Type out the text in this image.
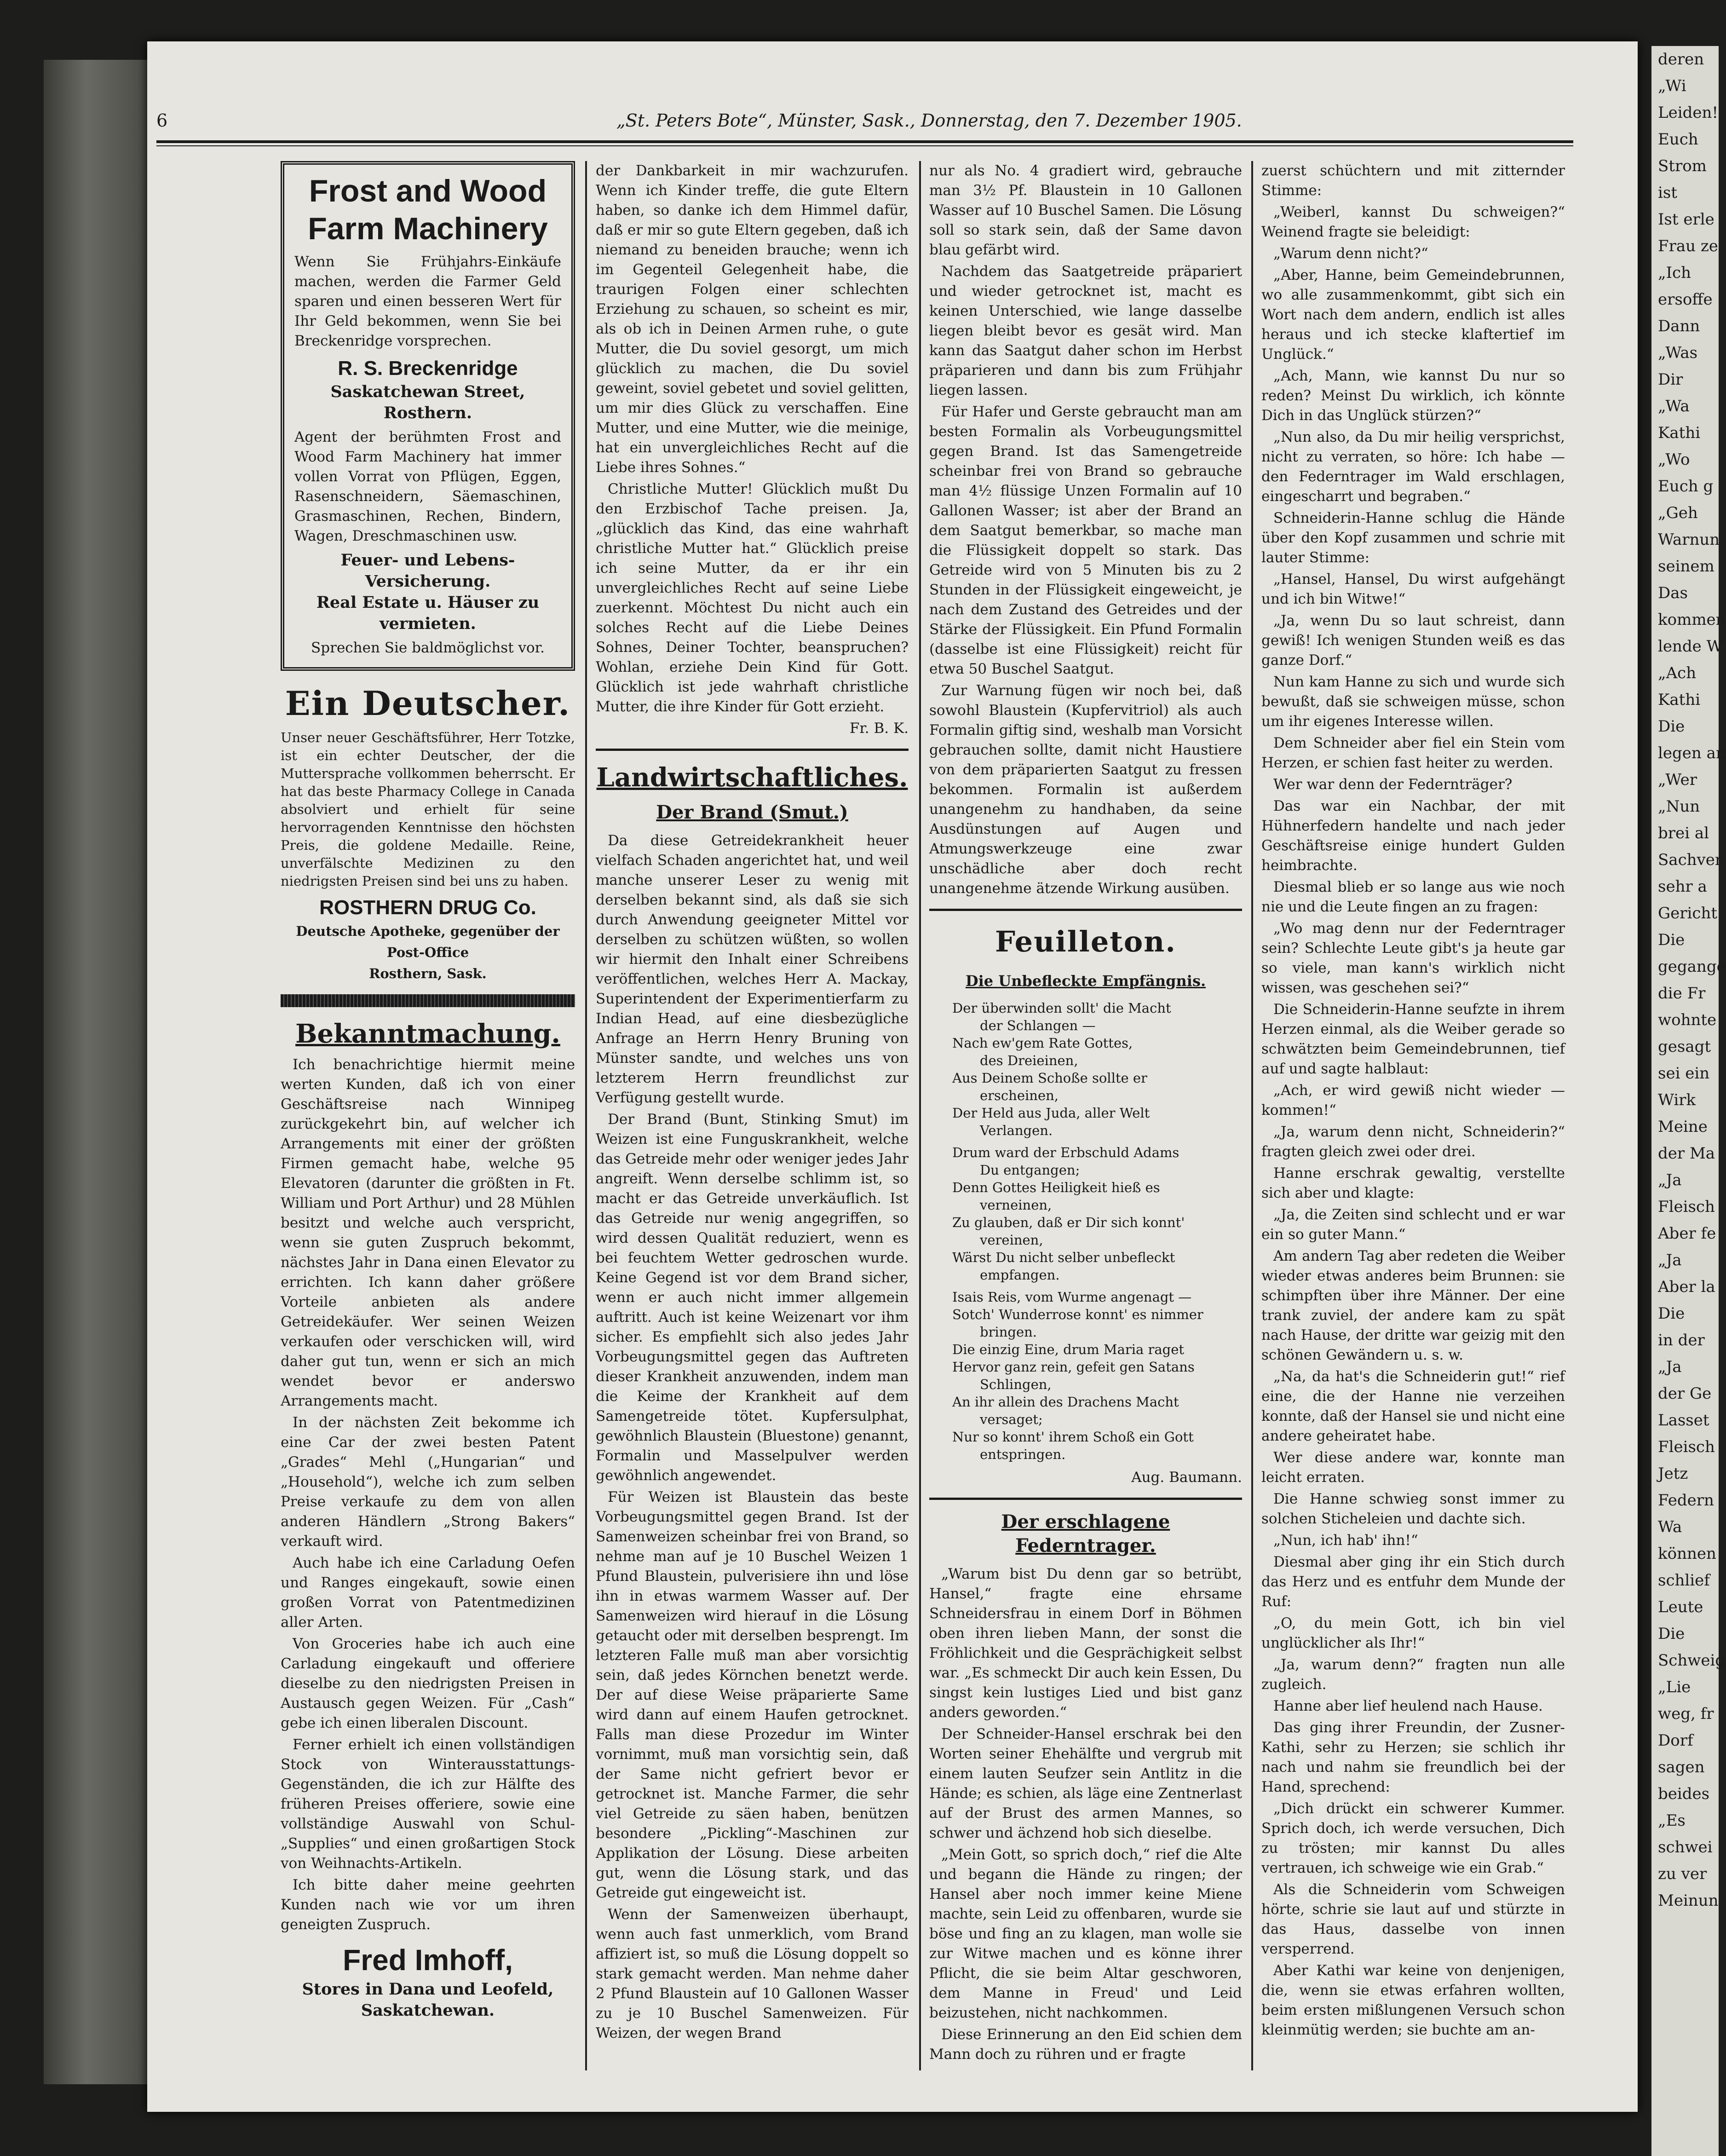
deren
„Wi
Leiden!
Euch
Strom
ist
Ist erle
Frau ze
„Ich
ersoffe
Dann
„Was
Dir
„Wa
Kathi
„Wo
Euch g
„Geh
Warnun
seinem
Das
kommen
lende W
„Ach
Kathi
Die
legen an
„Wer
„Nun
brei al
Sachver
sehr a
Gericht
Die
gegange
die Fr
wohnte
gesagt
sei ein
Wirk
Meine
der Ma
„Ja
Fleisch
Aber fe
„Ja
Aber la
Die
in der
„Ja
der Ge
Lasset
Fleisch
Jetz
Federn
Wa
können
schlief
Leute
Die
Schweig
„Lie
weg, fr
Dorf
sagen
beides
„Es
schwei
zu ver
Meinun
6	„St. Peters Bote“, Münster, Sask., Donnerstag, den 7. Dezember 1905.
Frost and Wood Farm Machinery

Wenn Sie Frühjahrs-Einkäufe machen, werden die Farmer Geld sparen und einen besseren Wert für Ihr Geld bekommen, wenn Sie bei Breckenridge vorsprechen.

R. S. Breckenridge
Saskatchewan Street, Rosthern.

Agent der berühmten Frost and Wood Farm Machinery hat immer vollen Vorrat von Pflügen, Eggen, Rasenschneidern, Säemaschinen, Grasmaschinen, Rechen, Bindern, Wagen, Dreschmaschinen usw.

Feuer- und Lebens-Versicherung.
Real Estate u. Häuser zu vermieten.

Sprechen Sie baldmöglichst vor.

Ein Deutscher.

Unser neuer Geschäftsführer, Herr Totzke, ist ein echter Deutscher, der die Muttersprache vollkommen beherrscht. Er hat das beste Pharmacy College in Canada absolviert und erhielt für seine hervorragenden Kenntnisse den höchsten Preis, die goldene Medaille. Reine, unverfälschte Medizinen zu den niedrigsten Preisen sind bei uns zu haben.

ROSTHERN DRUG Co.
Deutsche Apotheke, gegenüber der Post-Office
Rosthern, Sask.
Bekanntmachung.

Ich benachrichtige hiermit meine werten Kunden, daß ich von einer Geschäftsreise nach Winnipeg zurückgekehrt bin, auf welcher ich Arrangements mit einer der größten Firmen gemacht habe, welche 95 Elevatoren (darunter die größten in Ft. William und Port Arthur) und 28 Mühlen besitzt und welche auch verspricht, wenn sie guten Zuspruch bekommt, nächstes Jahr in Dana einen Elevator zu errichten. Ich kann daher größere Vorteile anbieten als andere Getreidekäufer. Wer seinen Weizen verkaufen oder verschicken will, wird daher gut tun, wenn er sich an mich wendet bevor er anderswo Arrangements macht.

In der nächsten Zeit bekomme ich eine Car der zwei besten Patent „Grades“ Mehl („Hungarian“ und „Household“), welche ich zum selben Preise verkaufe zu dem von allen anderen Händlern „Strong Bakers“ verkauft wird.

Auch habe ich eine Carladung Oefen und Ranges eingekauft, sowie einen großen Vorrat von Patentmedizinen aller Arten.

Von Groceries habe ich auch eine Carladung eingekauft und offeriere dieselbe zu den niedrigsten Preisen in Austausch gegen Weizen. Für „Cash“ gebe ich einen liberalen Discount.

Ferner erhielt ich einen vollständigen Stock von Winterausstattungs-Gegenständen, die ich zur Hälfte des früheren Preises offeriere, sowie eine vollständige Auswahl von Schul-„Supplies“ und einen großartigen Stock von Weihnachts-Artikeln.

Ich bitte daher meine geehrten Kunden nach wie vor um ihren geneigten Zuspruch.

Fred Imhoff,
Stores in Dana und Leofeld,
Saskatchewan.

der Dankbarkeit in mir wachzurufen. Wenn ich Kinder treffe, die gute Eltern haben, so danke ich dem Himmel dafür, daß er mir so gute Eltern gegeben, daß ich niemand zu beneiden brauche; wenn ich im Gegenteil Gelegenheit habe, die traurigen Folgen einer schlechten Erziehung zu schauen, so scheint es mir, als ob ich in Deinen Armen ruhe, o gute Mutter, die Du soviel gesorgt, um mich glücklich zu machen, die Du soviel geweint, soviel gebetet und soviel gelitten, um mir dies Glück zu verschaffen. Eine Mutter, und eine Mutter, wie die meinige, hat ein unvergleichliches Recht auf die Liebe ihres Sohnes.“

Christliche Mutter! Glücklich mußt Du den Erzbischof Tache preisen. Ja, „glücklich das Kind, das eine wahrhaft christliche Mutter hat.“ Glücklich preise ich seine Mutter, da er ihr ein unvergleichliches Recht auf seine Liebe zuerkennt. Möchtest Du nicht auch ein solches Recht auf die Liebe Deines Sohnes, Deiner Tochter, beanspruchen? Wohlan, erziehe Dein Kind für Gott. Glücklich ist jede wahrhaft christliche Mutter, die ihre Kinder für Gott erzieht.

Fr. B. K.
Landwirtschaftliches.
Der Brand (Smut.)

Da diese Getreidekrankheit heuer vielfach Schaden angerichtet hat, und weil manche unserer Leser zu wenig mit derselben bekannt sind, als daß sie sich durch Anwendung geeigneter Mittel vor derselben zu schützen wüßten, so wollen wir hiermit den Inhalt einer Schreibens veröffentlichen, welches Herr A. Mackay, Superintendent der Experimentierfarm zu Indian Head, auf eine diesbezügliche Anfrage an Herrn Henry Bruning von Münster sandte, und welches uns von letzterem Herrn freundlichst zur Verfügung gestellt wurde.

Der Brand (Bunt, Stinking Smut) im Weizen ist eine Funguskrankheit, welche das Getreide mehr oder weniger jedes Jahr angreift. Wenn derselbe schlimm ist, so macht er das Getreide unverkäuflich. Ist das Getreide nur wenig angegriffen, so wird dessen Qualität reduziert, wenn es bei feuchtem Wetter gedroschen wurde. Keine Gegend ist vor dem Brand sicher, wenn er auch nicht immer allgemein auftritt. Auch ist keine Weizenart vor ihm sicher. Es empfiehlt sich also jedes Jahr Vorbeugungsmittel gegen das Auftreten dieser Krankheit anzuwenden, indem man die Keime der Krankheit auf dem Samengetreide tötet. Kupfersulphat, gewöhnlich Blaustein (Bluestone) genannt, Formalin und Masselpulver werden gewöhnlich angewendet.

Für Weizen ist Blaustein das beste Vorbeugungsmittel gegen Brand. Ist der Samenweizen scheinbar frei von Brand, so nehme man auf je 10 Buschel Weizen 1 Pfund Blaustein, pulverisiere ihn und löse ihn in etwas warmem Wasser auf. Der Samenweizen wird hierauf in die Lösung getaucht oder mit derselben besprengt. Im letzteren Falle muß man aber vorsichtig sein, daß jedes Körnchen benetzt werde. Der auf diese Weise präparierte Same wird dann auf einem Haufen getrocknet. Falls man diese Prozedur im Winter vornimmt, muß man vorsichtig sein, daß der Same nicht gefriert bevor er getrocknet ist. Manche Farmer, die sehr viel Getreide zu säen haben, benützen besondere „Pickling“-Maschinen zur Applikation der Lösung. Diese arbeiten gut, wenn die Lösung stark, und das Getreide gut eingeweicht ist.

Wenn der Samenweizen überhaupt, wenn auch fast unmerklich, vom Brand affiziert ist, so muß die Lösung doppelt so stark gemacht werden. Man nehme daher 2 Pfund Blaustein auf 10 Gallonen Wasser zu je 10 Buschel Samenweizen. Für Weizen, der wegen Brand

nur als No. 4 gradiert wird, gebrauche man 3½ Pf. Blaustein in 10 Gallonen Wasser auf 10 Buschel Samen. Die Lösung soll so stark sein, daß der Same davon blau gefärbt wird.

Nachdem das Saatgetreide präpariert und wieder getrocknet ist, macht es keinen Unterschied, wie lange dasselbe liegen bleibt bevor es gesät wird. Man kann das Saatgut daher schon im Herbst präparieren und dann bis zum Frühjahr liegen lassen.

Für Hafer und Gerste gebraucht man am besten Formalin als Vorbeugungsmittel gegen Brand. Ist das Samengetreide scheinbar frei von Brand so gebrauche man 4½ flüssige Unzen Formalin auf 10 Gallonen Wasser; ist aber der Brand an dem Saatgut bemerkbar, so mache man die Flüssigkeit doppelt so stark. Das Getreide wird von 5 Minuten bis zu 2 Stunden in der Flüssigkeit eingeweicht, je nach dem Zustand des Getreides und der Stärke der Flüssigkeit. Ein Pfund Formalin (dasselbe ist eine Flüssigkeit) reicht für etwa 50 Buschel Saatgut.

Zur Warnung fügen wir noch bei, daß sowohl Blaustein (Kupfervitriol) als auch Formalin giftig sind, weshalb man Vorsicht gebrauchen sollte, damit nicht Haustiere von dem präparierten Saatgut zu fressen bekommen. Formalin ist außerdem unangenehm zu handhaben, da seine Ausdünstungen auf Augen und Atmungswerkzeuge eine zwar unschädliche aber doch recht unangenehme ätzende Wirkung ausüben.

Feuilleton.
Die Unbefleckte Empfängnis.
Der überwinden sollt' die Macht
der Schlangen —
Nach ew'gem Rate Gottes,
des Dreieinen,
Aus Deinem Schoße sollte er
erscheinen,
Der Held aus Juda, aller Welt
Verlangen.
Drum ward der Erbschuld Adams
Du entgangen;
Denn Gottes Heiligkeit hieß es
verneinen,
Zu glauben, daß er Dir sich konnt'
vereinen,
Wärst Du nicht selber unbefleckt
empfangen.
Isais Reis, vom Wurme angenagt —
Sotch' Wunderrose konnt' es nimmer
bringen.
Die einzig Eine, drum Maria raget
Hervor ganz rein, gefeit gen Satans
Schlingen,
An ihr allein des Drachens Macht
versaget;
Nur so konnt' ihrem Schoß ein Gott
entspringen.
Aug. Baumann.
Der erschlagene Federntrager.

„Warum bist Du denn gar so betrübt, Hansel,“ fragte eine ehrsame Schneidersfrau in einem Dorf in Böhmen oben ihren lieben Mann, der sonst die Fröhlichkeit und die Gesprächigkeit selbst war. „Es schmeckt Dir auch kein Essen, Du singst kein lustiges Lied und bist ganz anders geworden.“

Der Schneider-Hansel erschrak bei den Worten seiner Ehehälfte und vergrub mit einem lauten Seufzer sein Antlitz in die Hände; es schien, als läge eine Zentnerlast auf der Brust des armen Mannes, so schwer und ächzend hob sich dieselbe.

„Mein Gott, so sprich doch,“ rief die Alte und begann die Hände zu ringen; der Hansel aber noch immer keine Miene machte, sein Leid zu offenbaren, wurde sie böse und fing an zu klagen, man wolle sie zur Witwe machen und es könne ihrer Pflicht, die sie beim Altar geschworen, dem Manne in Freud' und Leid beizustehen, nicht nachkommen.

Diese Erinnerung an den Eid schien dem Mann doch zu rühren und er fragte

zuerst schüchtern und mit zitternder Stimme:

„Weiberl, kannst Du schweigen?“ Weinend fragte sie beleidigt:

„Warum denn nicht?“

„Aber, Hanne, beim Gemeindebrunnen, wo alle zusammenkommt, gibt sich ein Wort nach dem andern, endlich ist alles heraus und ich stecke klaftertief im Unglück.“

„Ach, Mann, wie kannst Du nur so reden? Meinst Du wirklich, ich könnte Dich in das Unglück stürzen?“

„Nun also, da Du mir heilig versprichst, nicht zu verraten, so höre: Ich habe — den Federntrager im Wald erschlagen, eingescharrt und begraben.“

Schneiderin-Hanne schlug die Hände über den Kopf zusammen und schrie mit lauter Stimme:

„Hansel, Hansel, Du wirst aufgehängt und ich bin Witwe!“

„Ja, wenn Du so laut schreist, dann gewiß! Ich wenigen Stunden weiß es das ganze Dorf.“

Nun kam Hanne zu sich und wurde sich bewußt, daß sie schweigen müsse, schon um ihr eigenes Interesse willen.

Dem Schneider aber fiel ein Stein vom Herzen, er schien fast heiter zu werden.

Wer war denn der Federnträger?

Das war ein Nachbar, der mit Hühnerfedern handelte und nach jeder Geschäftsreise einige hundert Gulden heimbrachte.

Diesmal blieb er so lange aus wie noch nie und die Leute fingen an zu fragen:

„Wo mag denn nur der Federntrager sein? Schlechte Leute gibt's ja heute gar so viele, man kann's wirklich nicht wissen, was geschehen sei?“

Die Schneiderin-Hanne seufzte in ihrem Herzen einmal, als die Weiber gerade so schwätzten beim Gemeindebrunnen, tief auf und sagte halblaut:

„Ach, er wird gewiß nicht wieder — kommen!“

„Ja, warum denn nicht, Schneiderin?“ fragten gleich zwei oder drei.

Hanne erschrak gewaltig, verstellte sich aber und klagte:

„Ja, die Zeiten sind schlecht und er war ein so guter Mann.“

Am andern Tag aber redeten die Weiber wieder etwas anderes beim Brunnen: sie schimpften über ihre Männer. Der eine trank zuviel, der andere kam zu spät nach Hause, der dritte war geizig mit den schönen Gewändern u. s. w.

„Na, da hat's die Schneiderin gut!“ rief eine, die der Hanne nie verzeihen konnte, daß der Hansel sie und nicht eine andere geheiratet habe.

Wer diese andere war, konnte man leicht erraten.

Die Hanne schwieg sonst immer zu solchen Sticheleien und dachte sich.

„Nun, ich hab' ihn!“

Diesmal aber ging ihr ein Stich durch das Herz und es entfuhr dem Munde der Ruf:

„O, du mein Gott, ich bin viel unglücklicher als Ihr!“

„Ja, warum denn?“ fragten nun alle zugleich.

Hanne aber lief heulend nach Hause.

Das ging ihrer Freundin, der Zusner-Kathi, sehr zu Herzen; sie schlich ihr nach und nahm sie freundlich bei der Hand, sprechend:

„Dich drückt ein schwerer Kummer. Sprich doch, ich werde versuchen, Dich zu trösten; mir kannst Du alles vertrauen, ich schweige wie ein Grab.“

Als die Schneiderin vom Schweigen hörte, schrie sie laut auf und stürzte in das Haus, dasselbe von innen versperrend.

Aber Kathi war keine von denjenigen, die, wenn sie etwas erfahren wollten, beim ersten mißlungenen Versuch schon kleinmütig werden; sie buchte am an-
